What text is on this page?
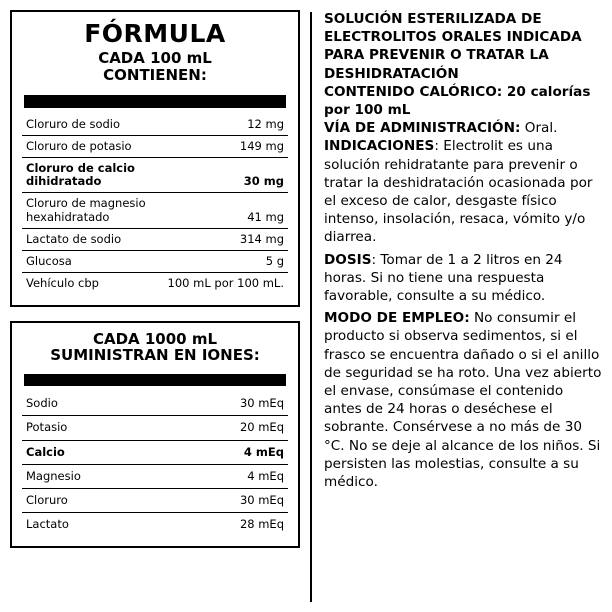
FÓRMULA
CADA 100 mL
CONTIENEN:
Cloruro de sodio	12 mg
Cloruro de potasio	149 mg
Cloruro de calcio dihidratado	30 mg
Cloruro de magnesio hexahidratado	41 mg
Lactato de sodio	314 mg
Glucosa	5 g
Vehículo cbp	100 mL por 100 mL.
CADA 1000 mL
SUMINISTRAN EN IONES:
Sodio	30 mEq
Potasio	20 mEq
Calcio	4 mEq
Magnesio	4 mEq
Cloruro	30 mEq
Lactato	28 mEq

SOLUCIÓN ESTERILIZADA DE ELECTROLITOS ORALES INDICADA PARA PREVENIR O TRATAR LA DESHIDRATACIÓN

CONTENIDO CALÓRICO: 20 calorías por 100 mL

VÍA DE ADMINISTRACIÓN: Oral.

INDICACIONES: Electrolit es una solución rehidratante para prevenir o tratar la deshidratación ocasionada por el exceso de calor, desgaste físico intenso, insolación, resaca, vómito y/o diarrea.

DOSIS: Tomar de 1 a 2 litros en 24 horas. Si no tiene una respuesta favorable, consulte a su médico.

MODO DE EMPLEO: No consumir el producto si observa sedimentos, si el frasco se encuentra dañado o si el anillo de seguridad se ha roto. Una vez abierto el envase, consúmase el contenido antes de 24 horas o deséchese el sobrante. Consérvese a no más de 30 °C. No se deje al alcance de los niños. Si persisten las molestias, consulte a su médico.
